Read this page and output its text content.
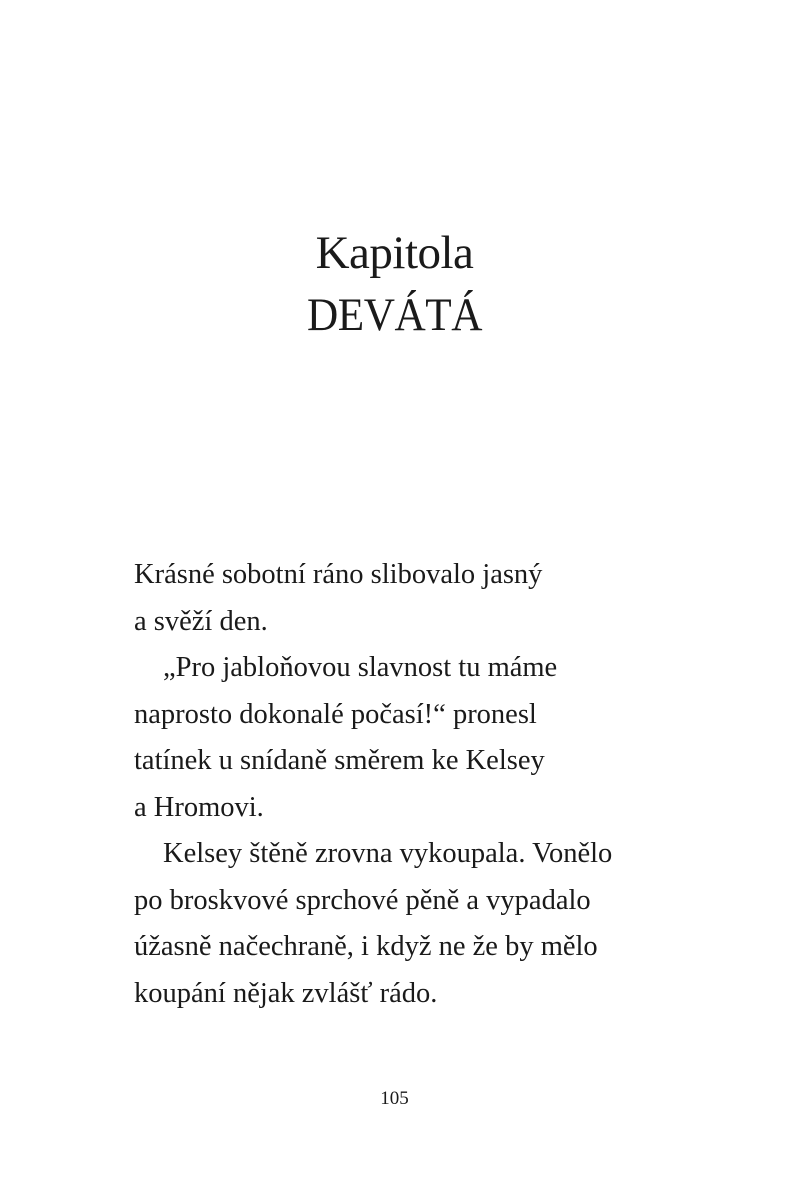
Kapitola
DEVÁTÁ

Krásné sobotní ráno slibovalo jasný
a svěží den.

„Pro jabloňovou slavnost tu máme
naprosto dokonalé počasí!“ pronesl
tatínek u snídaně směrem ke Kelsey
a Hromovi.

Kelsey štěně zrovna vykoupala. Vonělo
po broskvové sprchové pěně a vypadalo
úžasně načechraně, i když ne že by mělo
koupání nějak zvlášť rádo.

105
